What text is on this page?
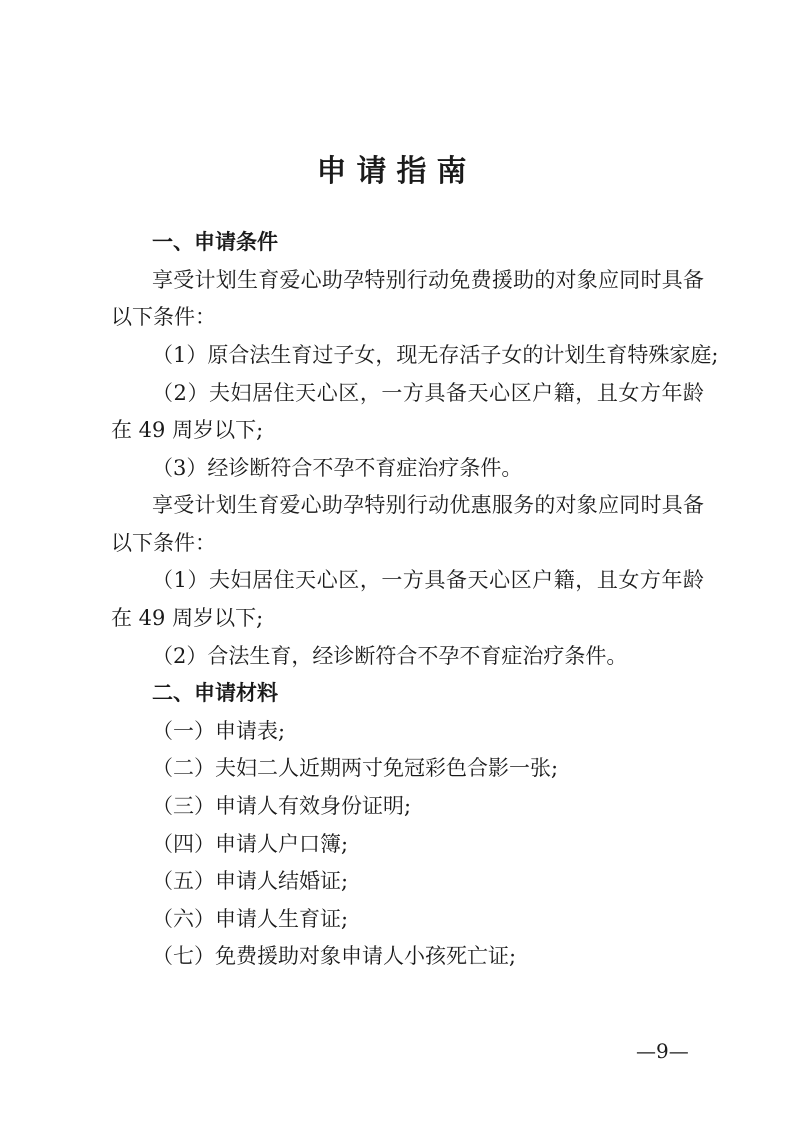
申请指南
一、申请条件
享受计划生育爱心助孕特别行动免费援助的对象应同时具备
以下条件：
（1）原合法生育过子女，现无存活子女的计划生育特殊家庭;
（2）夫妇居住天心区，一方具备天心区户籍，且女方年龄
在 49 周岁以下;
（3）经诊断符合不孕不育症治疗条件。
享受计划生育爱心助孕特别行动优惠服务的对象应同时具备
以下条件：
（1）夫妇居住天心区，一方具备天心区户籍，且女方年龄
在 49 周岁以下;
（2）合法生育，经诊断符合不孕不育症治疗条件。
二、申请材料
（一）申请表;
（二）夫妇二人近期两寸免冠彩色合影一张;
（三）申请人有效身份证明;
（四）申请人户口簿;
（五）申请人结婚证;
（六）申请人生育证;
（七）免费援助对象申请人小孩死亡证;
—9—
